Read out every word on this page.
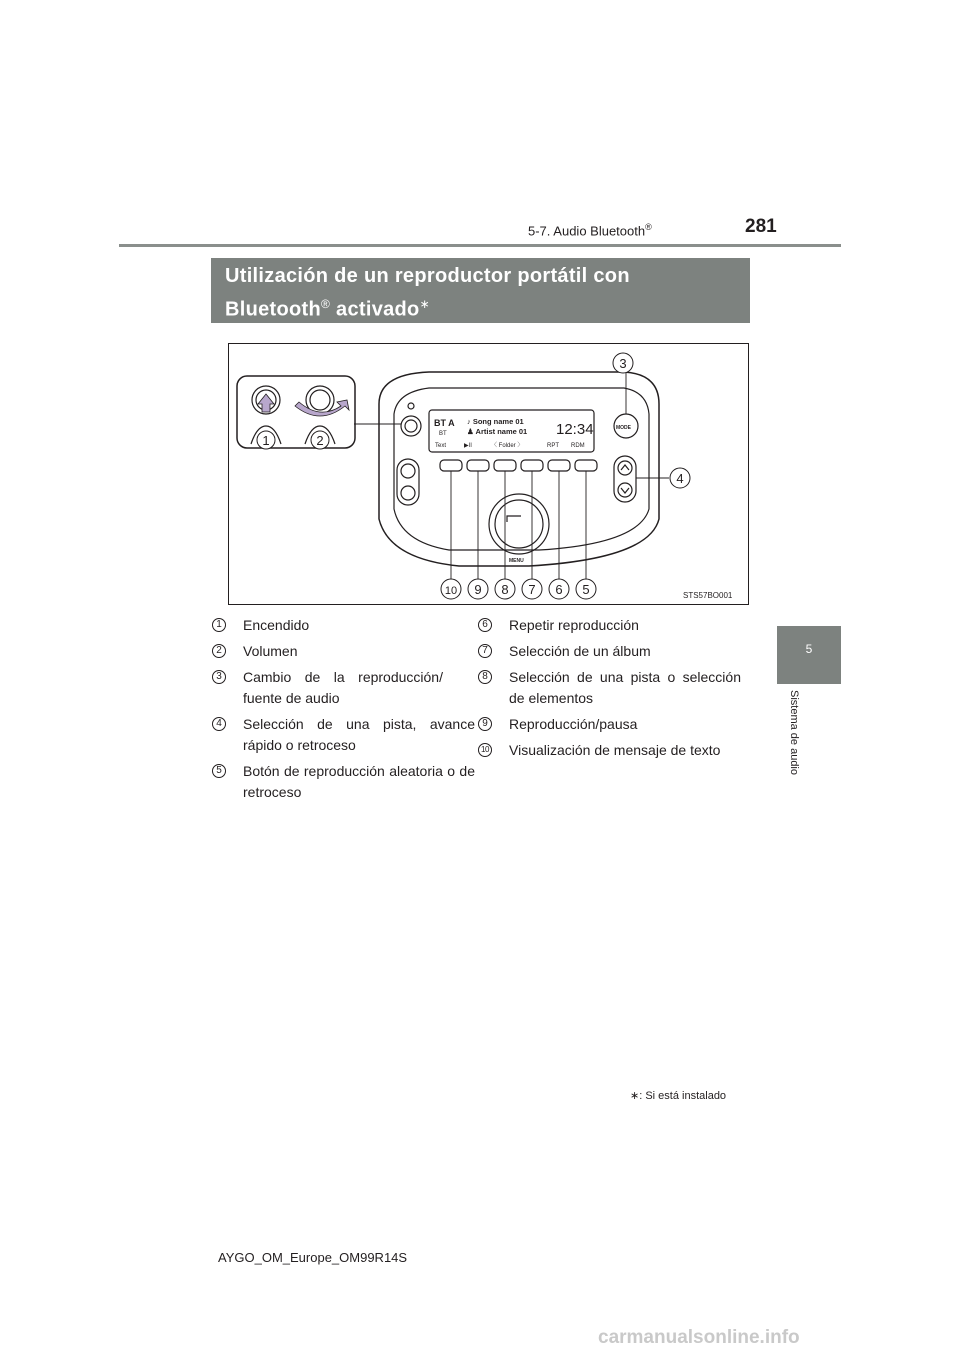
5-7. Audio Bluetooth®	281
5
Sistema de audio
Utilización de un reproductor portátil con
Bluetooth® activado∗
BT A
BT
♪ Song name 01
♟ Artist name 01 12:34
Text	▶II	〈 Folder 〉	RPT RDM
MODE
MENU
STS57BO001
1	2
3
4
10 9 8 7 6 5
1	Encendido
2	Volumen
3	Cambio de la reproducción/ fuente de audio
4	Selección de una pista, avance rápido o retroceso
5	Botón de reproducción aleatoria o de retroceso
6	Repetir reproducción
7	Selección de un álbum
8	Selección de una pista o selección de elementos
9	Reproducción/pausa
10 Visualización de mensaje de texto
∗: Si está instalado
AYGO_OM_Europe_OM99R14S
carmanualsonline.info
